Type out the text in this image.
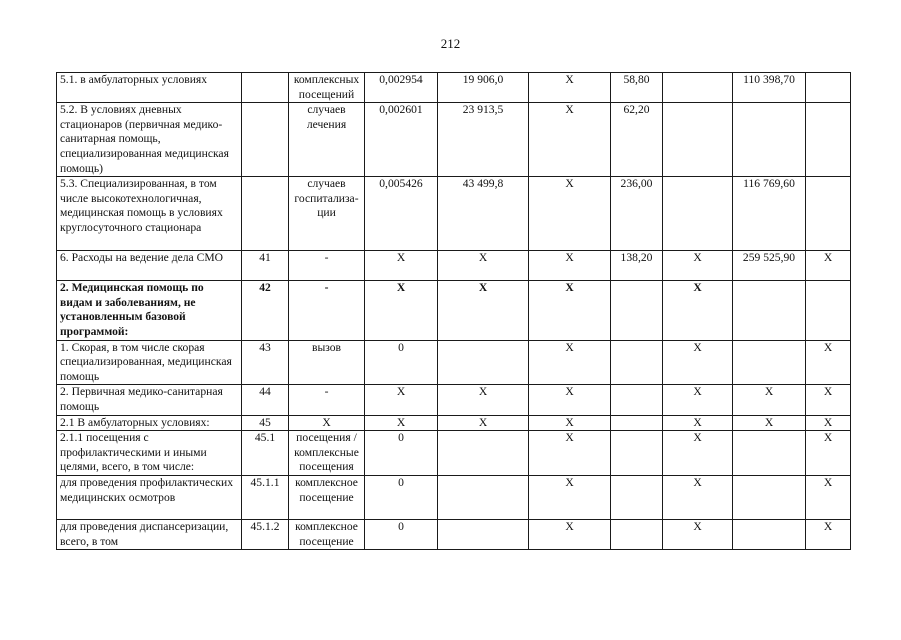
212
5.1. в амбулаторных условиях		комплексных посещений	0,002954	19 906,0	X	58,80		110 398,70	
5.2. В условиях дневных стационаров (первичная медико-санитарная помощь, специализированная медицинская помощь)		случаев лечения	0,002601	23 913,5	X	62,20			
5.3. Специализированная, в том числе высокотехнологичная, медицинская помощь в условиях круглосуточного стационара		случаев госпитализа-ции	0,005426	43 499,8	X	236,00		116 769,60	
6. Расходы на ведение дела СМО	41	-	X	X	X	138,20	X	259 525,90	X
2. Медицинская помощь по видам и заболеваниям, не установленным базовой программой:	42	-	X	X	X		X		
1. Скорая, в том числе скорая специализированная, медицинская помощь	43	вызов	0		X		X		X
2. Первичная медико-санитарная помощь	44	-	X	X	X		X	X	X
2.1 В амбулаторных условиях:	45	X	X	X	X		X	X	X
2.1.1 посещения с профилактическими и иными целями, всего, в том числе:	45.1	посещения / комплексные посещения	0		X		X		X
для проведения профилактических медицинских осмотров	45.1.1	комплексное посещение	0		X		X		X
для проведения диспансеризации, всего, в том	45.1.2	комплексное посещение	0		X		X		X
